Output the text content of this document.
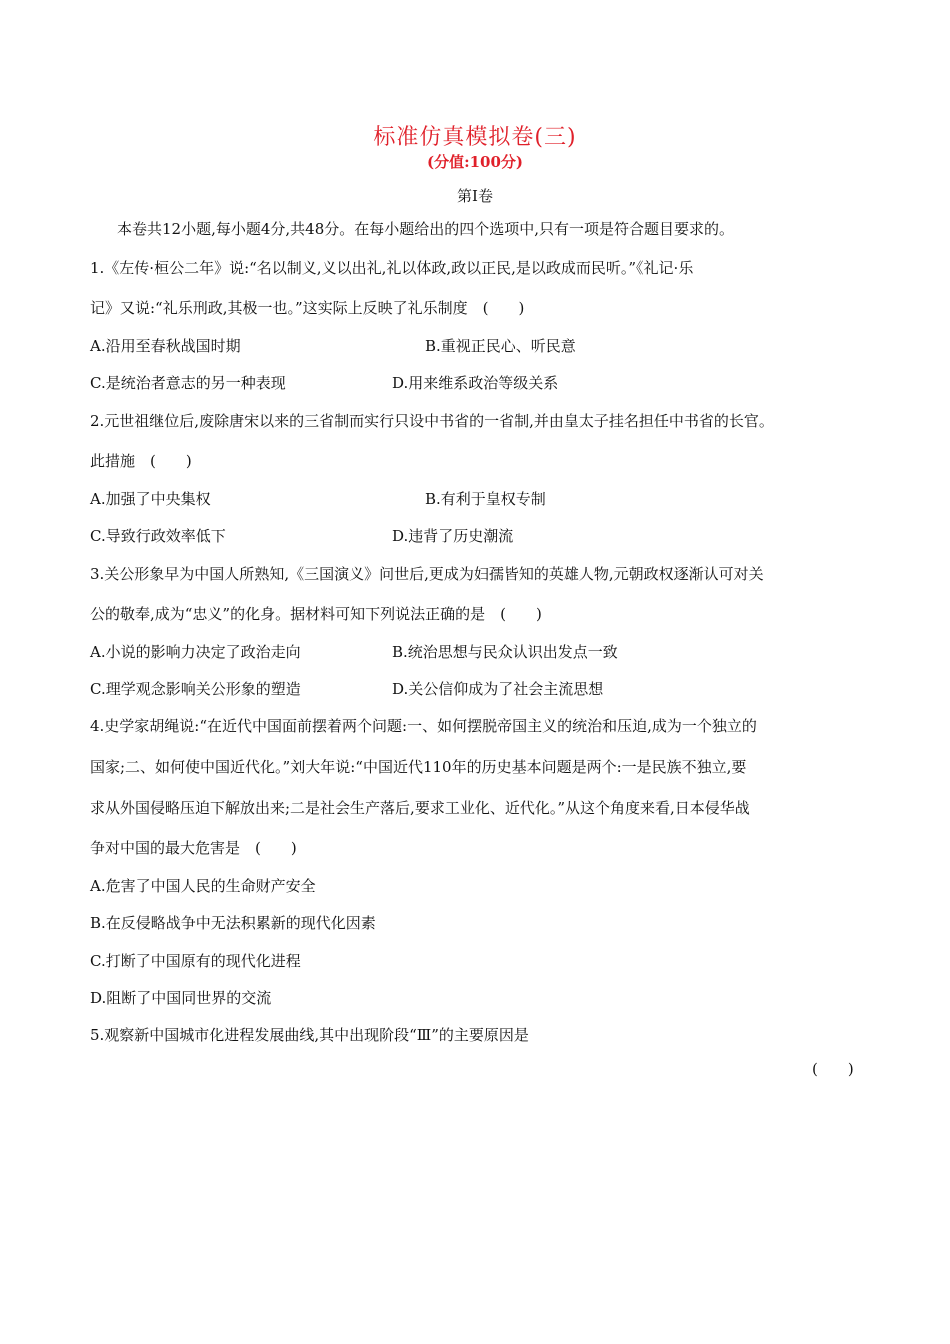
标准仿真模拟卷(三)
(分值:100分)
第Ⅰ卷
本卷共12小题,每小题4分,共48分。在每小题给出的四个选项中,只有一项是符合题目要求的。
1.《左传·桓公二年》说:“名以制义,义以出礼,礼以体政,政以正民,是以政成而民听。”《礼记·乐
记》又说:“礼乐刑政,其极一也。”这实际上反映了礼乐制度　(　　)
A.沿用至春秋战国时期	B.重视正民心、听民意
C.是统治者意志的另一种表现	D.用来维系政治等级关系
2.元世祖继位后,废除唐宋以来的三省制而实行只设中书省的一省制,并由皇太子挂名担任中书省的长官。
此措施　(　　)
A.加强了中央集权	B.有利于皇权专制
C.导致行政效率低下	D.违背了历史潮流
3.关公形象早为中国人所熟知,《三国演义》问世后,更成为妇孺皆知的英雄人物,元朝政权逐渐认可对关
公的敬奉,成为“忠义”的化身。据材料可知下列说法正确的是　(　　)
A.小说的影响力决定了政治走向	B.统治思想与民众认识出发点一致
C.理学观念影响关公形象的塑造	D.关公信仰成为了社会主流思想
4.史学家胡绳说:“在近代中国面前摆着两个问题:一、如何摆脱帝国主义的统治和压迫,成为一个独立的
国家;二、如何使中国近代化。”刘大年说:“中国近代110年的历史基本问题是两个:一是民族不独立,要
求从外国侵略压迫下解放出来;二是社会生产落后,要求工业化、近代化。”从这个角度来看,日本侵华战
争对中国的最大危害是　(　　)
A.危害了中国人民的生命财产安全
B.在反侵略战争中无法积累新的现代化因素
C.打断了中国原有的现代化进程
D.阻断了中国同世界的交流
5.观察新中国城市化进程发展曲线,其中出现阶段“Ⅲ”的主要原因是
(　　)
